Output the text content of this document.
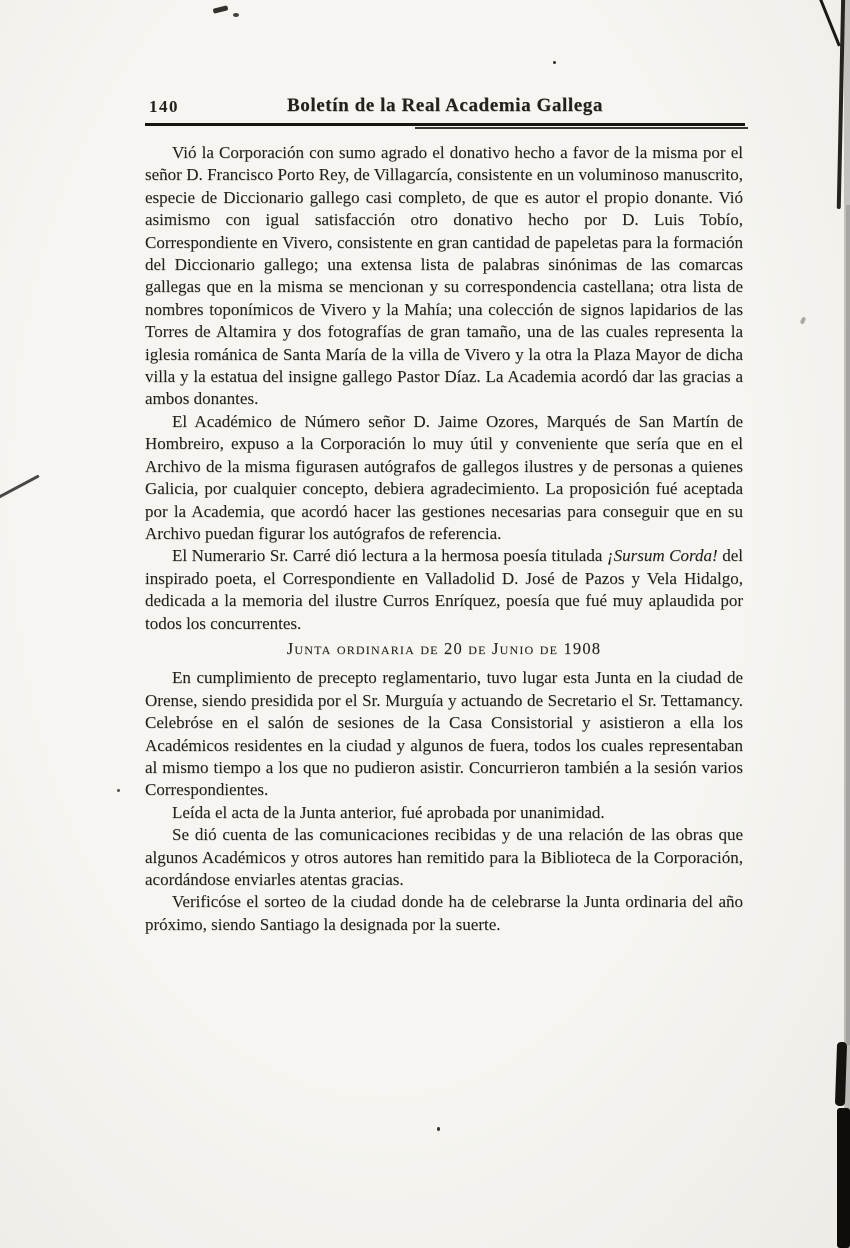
140	Boletín de la Real Academia Gallega

Vió la Corporación con sumo agrado el donativo hecho a favor de la misma por el señor D. Francisco Porto Rey, de Villagarcía, consistente en un voluminoso manuscrito, especie de Diccionario gallego casi completo, de que es autor el propio donante. Vió asimismo con igual satisfacción otro donativo hecho por D. Luis Tobío, Correspondiente en Vivero, consistente en gran cantidad de papeletas para la formación del Diccionario gallego; una extensa lista de palabras sinónimas de las comarcas gallegas que en la misma se mencionan y su correspondencia castellana; otra lista de nombres toponímicos de Vivero y la Mahía; una colección de signos lapidarios de las Torres de Altamira y dos fotografías de gran tamaño, una de las cuales representa la iglesia románica de Santa María de la villa de Vivero y la otra la Plaza Mayor de dicha villa y la estatua del insigne gallego Pastor Díaz. La Academia acordó dar las gracias a ambos donantes.

El Académico de Número señor D. Jaime Ozores, Marqués de San Martín de Hombreiro, expuso a la Corporación lo muy útil y conveniente que sería que en el Archivo de la misma figurasen autógrafos de gallegos ilustres y de personas a quienes Galicia, por cualquier concepto, debiera agradecimiento. La proposición fué aceptada por la Academia, que acordó hacer las gestiones necesarias para conseguir que en su Archivo puedan figurar los autógrafos de referencia.

El Numerario Sr. Carré dió lectura a la hermosa poesía titulada ¡Sursum Corda! del inspirado poeta, el Correspondiente en Valladolid D. José de Pazos y Vela Hidalgo, dedicada a la memoria del ilustre Curros Enríquez, poesía que fué muy aplaudida por todos los concurrentes.

Junta ordinaria de 20 de Junio de 1908

En cumplimiento de precepto reglamentario, tuvo lugar esta Junta en la ciudad de Orense, siendo presidida por el Sr. Murguía y actuando de Secretario el Sr. Tettamancy. Celebróse en el salón de sesiones de la Casa Consistorial y asistieron a ella los Académicos residentes en la ciudad y algunos de fuera, todos los cuales representaban al mismo tiempo a los que no pudieron asistir. Concurrieron también a la sesión varios Correspondientes.

Leída el acta de la Junta anterior, fué aprobada por unanimidad.

Se dió cuenta de las comunicaciones recibidas y de una relación de las obras que algunos Académicos y otros autores han remitido para la Biblioteca de la Corporación, acordándose enviarles atentas gracias.

Verificóse el sorteo de la ciudad donde ha de celebrarse la Junta ordinaria del año próximo, siendo Santiago la designada por la suerte.
